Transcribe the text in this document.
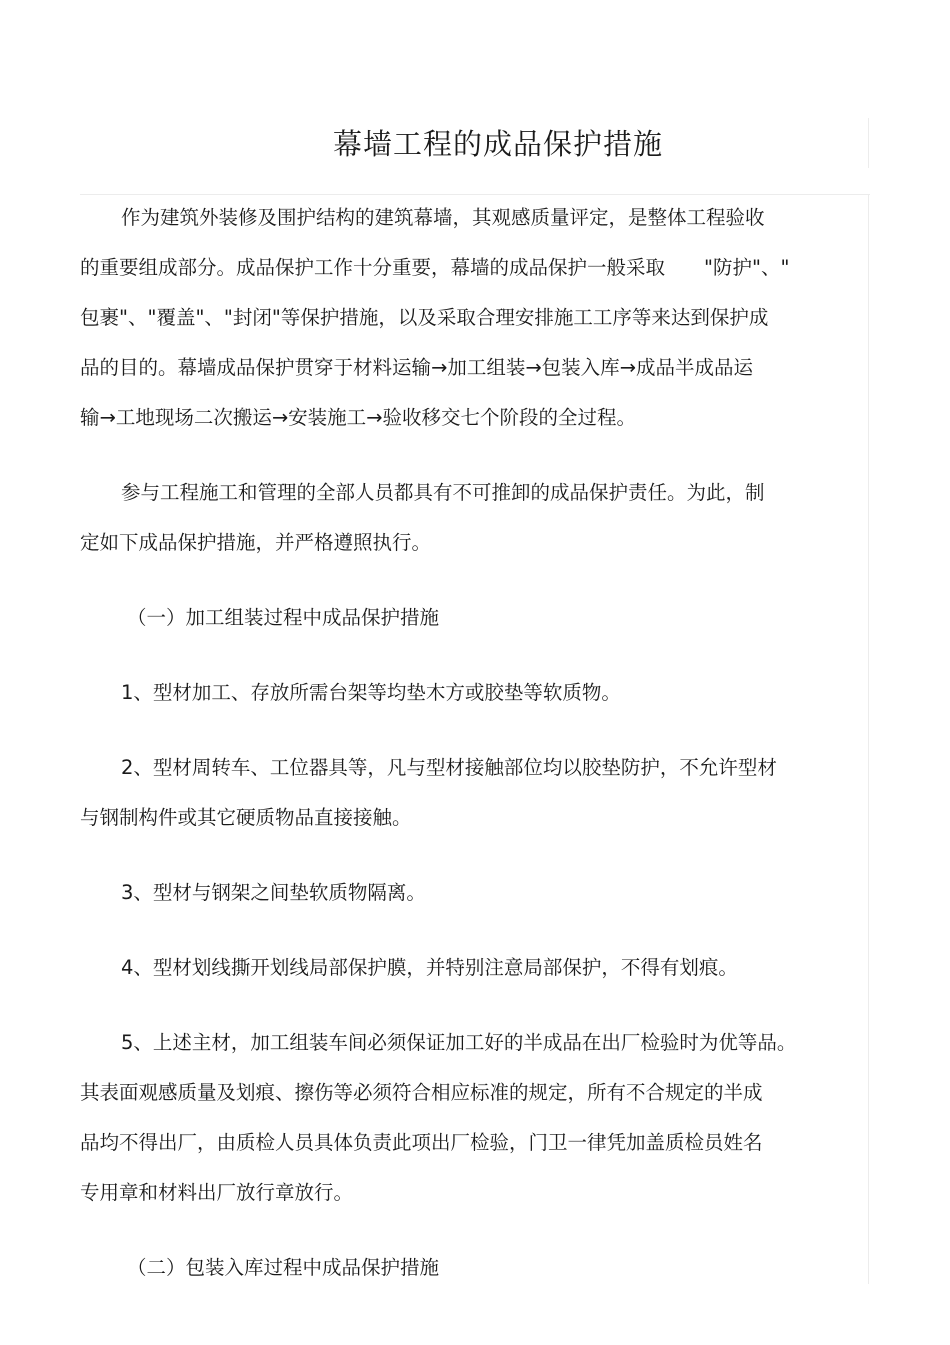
幕墙工程的成品保护措施
作为建筑外装修及围护结构的建筑幕墙，其观感质量评定，是整体工程验收
的重要组成部分。成品保护工作十分重要，幕墙的成品保护一般采取　　"防护"、"
包裹"、"覆盖"、"封闭"等保护措施，以及采取合理安排施工工序等来达到保护成
品的目的。幕墙成品保护贯穿于材料运输→加工组装→包装入库→成品半成品运
输→工地现场二次搬运→安装施工→验收移交七个阶段的全过程。
参与工程施工和管理的全部人员都具有不可推卸的成品保护责任。为此，制
定如下成品保护措施，并严格遵照执行。
（一）加工组装过程中成品保护措施
1、型材加工、存放所需台架等均垫木方或胶垫等软质物。
2、型材周转车、工位器具等，凡与型材接触部位均以胶垫防护，不允许型材
与钢制构件或其它硬质物品直接接触。
3、型材与钢架之间垫软质物隔离。
4、型材划线撕开划线局部保护膜，并特别注意局部保护，不得有划痕。
5、上述主材，加工组装车间必须保证加工好的半成品在出厂检验时为优等品。
其表面观感质量及划痕、擦伤等必须符合相应标准的规定，所有不合规定的半成
品均不得出厂，由质检人员具体负责此项出厂检验，门卫一律凭加盖质检员姓名
专用章和材料出厂放行章放行。
（二）包装入库过程中成品保护措施
